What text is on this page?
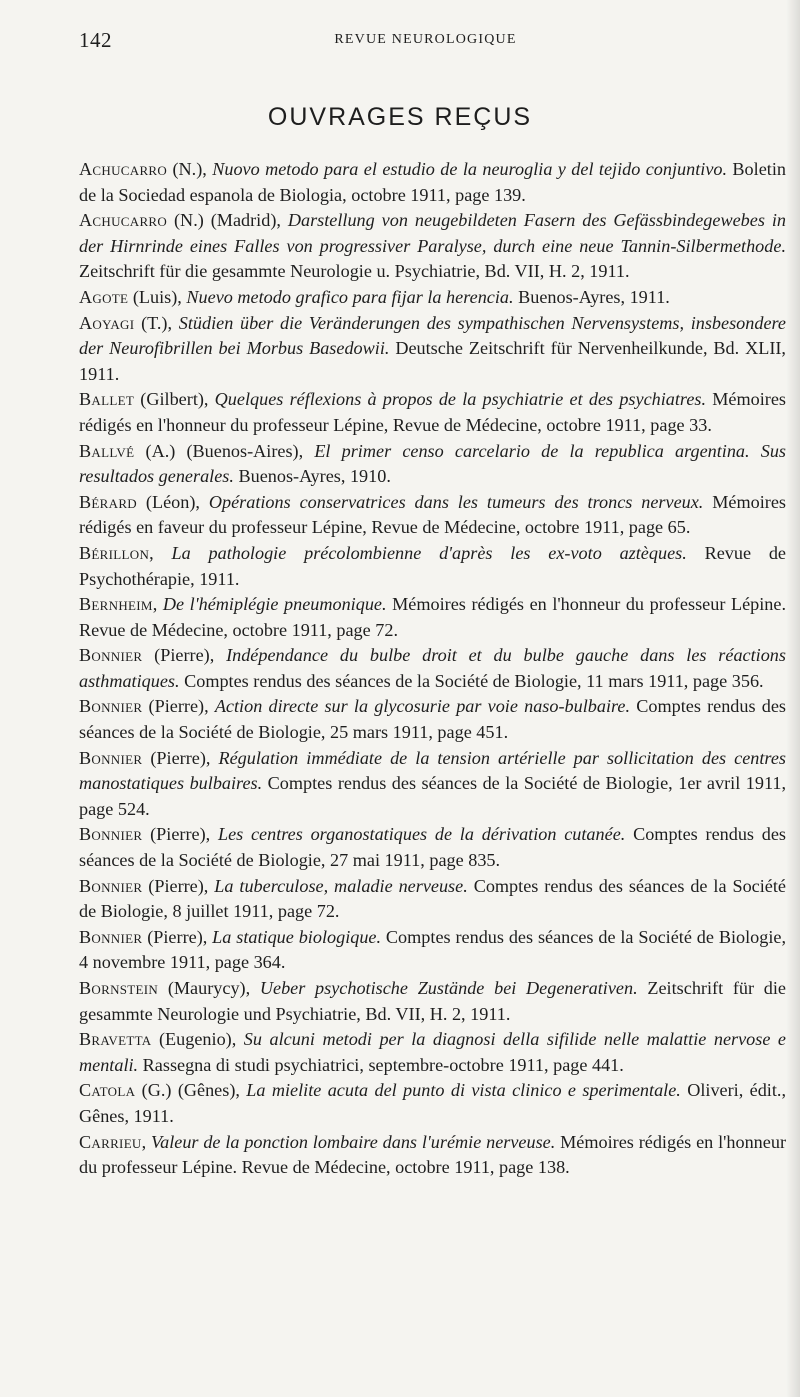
142	REVUE NEUROLOGIQUE
OUVRAGES REÇUS

Achucarro (N.), Nuovo metodo para el estudio de la neuroglia y del tejido conjuntivo. Boletin de la Sociedad espanola de Biologia, octobre 1911, page 139.

Achucarro (N.) (Madrid), Darstellung von neugebildeten Fasern des Gefässbindegewebes in der Hirnrinde eines Falles von progressiver Paralyse, durch eine neue Tannin-Silbermethode. Zeitschrift für die gesammte Neurologie u. Psychiatrie, Bd. VII, H. 2, 1911.

Agote (Luis), Nuevo metodo grafico para fijar la herencia. Buenos-Ayres, 1911.

Aoyagi (T.), Stüdien über die Veränderungen des sympathischen Nervensystems, insbesondere der Neurofibrillen bei Morbus Basedowii. Deutsche Zeitschrift für Nervenheilkunde, Bd. XLII, 1911.

Ballet (Gilbert), Quelques réflexions à propos de la psychiatrie et des psychiatres. Mémoires rédigés en l'honneur du professeur Lépine, Revue de Médecine, octobre 1911, page 33.

Ballvé (A.) (Buenos-Aires), El primer censo carcelario de la republica argentina. Sus resultados generales. Buenos-Ayres, 1910.

Bérard (Léon), Opérations conservatrices dans les tumeurs des troncs nerveux. Mémoires rédigés en faveur du professeur Lépine, Revue de Médecine, octobre 1911, page 65.

Bérillon, La pathologie précolombienne d'après les ex-voto aztèques. Revue de Psychothérapie, 1911.

Bernheim, De l'hémiplégie pneumonique. Mémoires rédigés en l'honneur du professeur Lépine. Revue de Médecine, octobre 1911, page 72.

Bonnier (Pierre), Indépendance du bulbe droit et du bulbe gauche dans les réactions asthmatiques. Comptes rendus des séances de la Société de Biologie, 11 mars 1911, page 356.

Bonnier (Pierre), Action directe sur la glycosurie par voie naso-bulbaire. Comptes rendus des séances de la Société de Biologie, 25 mars 1911, page 451.

Bonnier (Pierre), Régulation immédiate de la tension artérielle par sollicitation des centres manostatiques bulbaires. Comptes rendus des séances de la Société de Biologie, 1er avril 1911, page 524.

Bonnier (Pierre), Les centres organostatiques de la dérivation cutanée. Comptes rendus des séances de la Société de Biologie, 27 mai 1911, page 835.

Bonnier (Pierre), La tuberculose, maladie nerveuse. Comptes rendus des séances de la Société de Biologie, 8 juillet 1911, page 72.

Bonnier (Pierre), La statique biologique. Comptes rendus des séances de la Société de Biologie, 4 novembre 1911, page 364.

Bornstein (Maurycy), Ueber psychotische Zustände bei Degenerativen. Zeitschrift für die gesammte Neurologie und Psychiatrie, Bd. VII, H. 2, 1911.

Bravetta (Eugenio), Su alcuni metodi per la diagnosi della sifilide nelle malattie nervose e mentali. Rassegna di studi psychiatrici, septembre-octobre 1911, page 441.

Catola (G.) (Gênes), La mielite acuta del punto di vista clinico e sperimentale. Oliveri, édit., Gênes, 1911.

Carrieu, Valeur de la ponction lombaire dans l'urémie nerveuse. Mémoires rédigés en l'honneur du professeur Lépine. Revue de Médecine, octobre 1911, page 138.
